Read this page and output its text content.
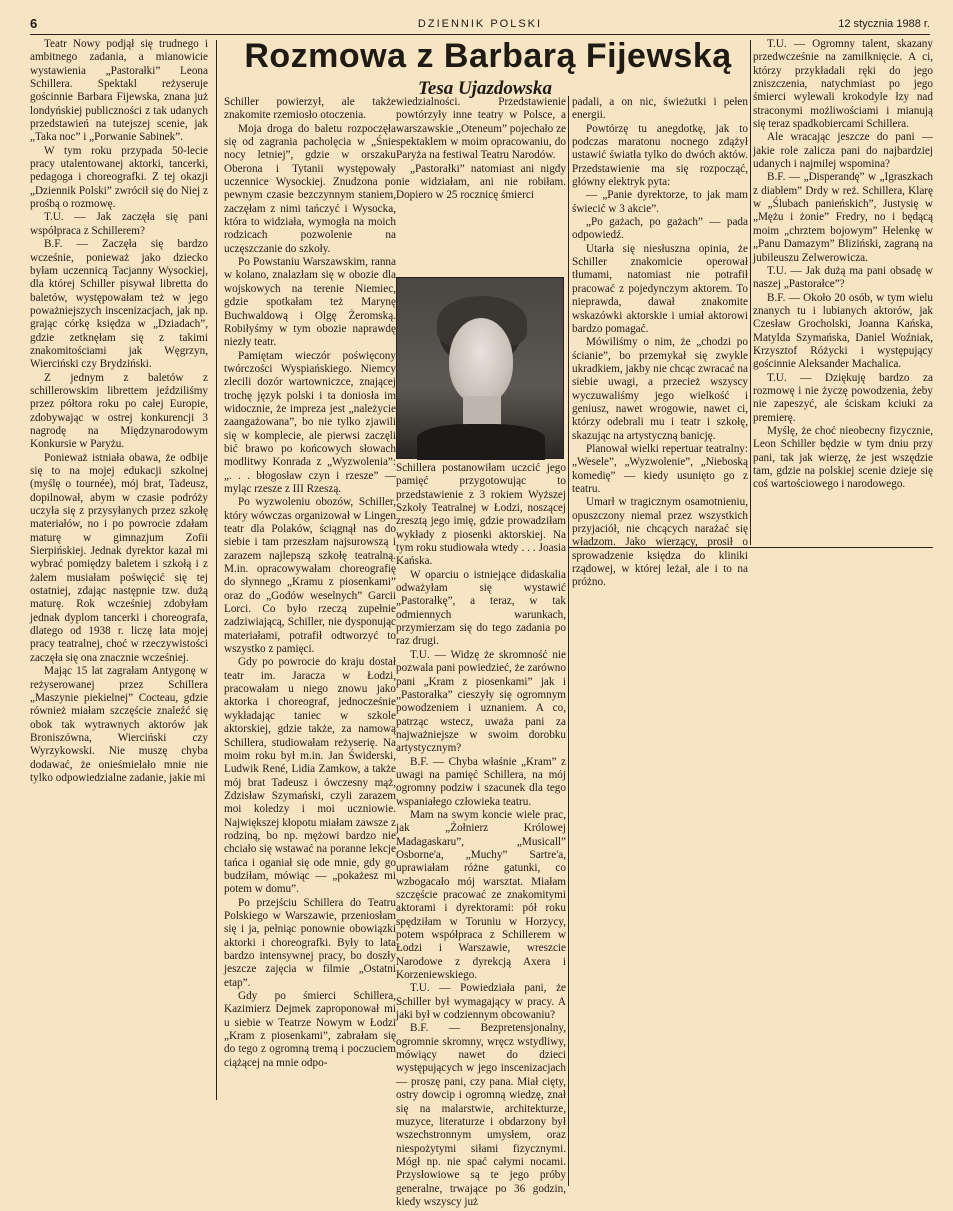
6	DZIENNIK POLSKI	12 stycznia 1988 r.
Rozmowa z Barbarą Fijewską
Tesa Ujazdowska

Teatr Nowy podjął się trudnego i ambitnego zadania, a mianowicie wystawienia „Pastorałki” Leona Schillera. Spektakl reżyseruje gościnnie Barbara Fijewska, znana już londyńskiej publiczności z tak udanych przedstawień na tutejszej scenie, jak „Taka noc” i „Porwanie Sabinek”.

W tym roku przypada 50-lecie pracy utalentowanej aktorki, tancerki, pedagoga i choreografki. Z tej okazji „Dziennik Polski” zwrócił się do Niej z prośbą o rozmowę.

T.U. — Jak zaczęła się pani współpraca z Schillerem?

B.F. — Zaczęła się bardzo wcześnie, ponieważ jako dziecko byłam uczennicą Tacjanny Wysockiej, dla której Schiller pisywał libretta do baletów, występowałam też w jego poważniejszych inscenizacjach, jak np. grając córkę księdza w „Dziadach”, gdzie zetknęłam się z takimi znakomitościami jak Węgrzyn, Wierciński czy Brydziński.

Z jednym z baletów z schillerowskim librettem jeździliśmy przez półtora roku po całej Europie, zdobywając w ostrej konkurencji 3 nagrodę na Międzynarodowym Konkursie w Paryżu.

Ponieważ istniała obawa, że odbije się to na mojej edukacji szkolnej (myślę o tournée), mój brat, Tadeusz, dopilnował, abym w czasie podróży uczyła się z przysyłanych przez szkołę materiałów, no i po powrocie zdałam maturę w gimnazjum Zofii Sierpińskiej. Jednak dyrektor kazał mi wybrać pomiędzy baletem i szkołą i z żalem musiałam poświęcić się tej ostatniej, zdając następnie tzw. dużą maturę. Rok wcześniej zdobyłam jednak dyplom tancerki i choreografa, dlatego od 1938 r. liczę lata mojej pracy teatralnej, choć w rzeczywistości zaczęła się ona znacznie wcześniej.

Mając 15 lat zagrałam Antygonę w reżyserowanej przez Schillera „Maszynie piekielnej” Cocteau, gdzie również miałam szczęście znaleźć się obok tak wytrawnych aktorów jak Broniszówna, Wierciński czy Wyrzykowski. Nie muszę chyba dodawać, że onieśmielało mnie nie tylko odpowiedzialne zadanie, jakie mi

Schiller powierzył, ale także znakomite rzemiosło otoczenia.

Moja droga do baletu rozpoczęła się od zagrania pacholęcia w „Śnie nocy letniej”, gdzie w orszaku Oberona i Tytanii występowały uczennice Wysockiej. Znudzona po pewnym czasie bezczynnym staniem, zaczęłam z nimi tańczyć i Wysocka, która to widziała, wymogła na moich rodzicach pozwolenie na uczęszczanie do szkoły.

Po Powstaniu Warszawskim, ranna w kolano, znalazłam się w obozie dla wojskowych na terenie Niemiec, gdzie spotkałam też Marynę Buchwaldową i Olgę Żeromską. Robiłyśmy w tym obozie naprawdę niezły teatr.

Pamiętam wieczór poświęcony twórczości Wyspiańskiego. Niemcy zlecili dozór wartowniczce, znającej trochę język polski i ta doniosła im widocznie, że impreza jest „należycie zaangażowana”, bo nie tylko zjawili się w komplecie, ale pierwsi zaczęli bić brawo po końcowych słowach modlitwy Konrada z „Wyzwolenia”: „. . . błogosław czyn i rzesze” — myląc rzesze z III Rzeszą.

Po wyzwoleniu obozów, Schiller, który wówczas organizował w Lingen teatr dla Polaków, ściągnął nas do siebie i tam przeszłam najsurowszą i zarazem najlepszą szkołę teatralną. M.in. opracowywałam choreografię do słynnego „Kramu z piosenkami” oraz do „Godów weselnych” Garcii Lorci. Co było rzeczą zupełnie zadziwiającą, Schiller, nie dysponując materiałami, potrafił odtworzyć to wszystko z pamięci.

Gdy po powrocie do kraju dostał teatr im. Jaracza w Łodzi, pracowałam u niego znowu jako aktorka i choreograf, jednocześnie wykładając taniec w szkole aktorskiej, gdzie także, za namową Schillera, studiowałam reżyserię. Na moim roku był m.in. Jan Świderski, Ludwik René, Lidia Zamkow, a także mój brat Tadeusz i ówczesny mąż, Zdzisław Szymański, czyli zarazem moi koledzy i moi uczniowie. Największej kłopotu miałam zawsze z rodziną, bo np. mężowi bardzo nie chciało się wstawać na poranne lekcje tańca i oganiał się ode mnie, gdy go budziłam, mówiąc — „pokażesz mi potem w domu”.

Po przejściu Schillera do Teatru Polskiego w Warszawie, przeniosłam się i ja, pełniąc ponownie obowiązki aktorki i choreografki. Były to lata bardzo intensywnej pracy, bo doszły jeszcze zajęcia w filmie „Ostatni etap”.

Gdy po śmierci Schillera, Kazimierz Dejmek zaproponował mi u siebie w Teatrze Nowym w Łodzi „Kram z piosenkami”, zabrałam się do tego z ogromną tremą i poczuciem ciążącej na mnie odpo-

wiedzialności. Przedstawienie powtórzyły inne teatry w Polsce, a warszawskie „Oteneum” pojechało ze spektaklem w moim opracowaniu, do Paryża na festiwal Teatru Narodów.

„Pastorałki” natomiast ani nigdy nie widziałam, ani nie robiłam. Dopiero w 25 rocznicę śmierci

Schillera postanowiłam uczcić jego pamięć przygotowując to przedstawienie z 3 rokiem Wyższej Szkoły Teatralnej w Łodzi, noszącej zresztą jego imię, gdzie prowadziłam wykłady z piosenki aktorskiej. Na tym roku studiowała wtedy . . . Joasia Kańska.

W oparciu o istniejące didaskalia odważyłam się wystawić „Pastorałkę”, a teraz, w tak odmiennych warunkach, przymierzam się do tego zadania po raz drugi.

T.U. — Widzę że skromność nie pozwala pani powiedzieć, że zarówno pani „Kram z piosenkami” jak i „Pastorałka” cieszyły się ogromnym powodzeniem i uznaniem. A co, patrząc wstecz, uważa pani za najważniejsze w swoim dorobku artystycznym?

B.F. — Chyba właśnie „Kram” z uwagi na pamięć Schillera, na mój ogromny podziw i szacunek dla tego wspaniałego człowieka teatru.

Mam na swym koncie wiele prac, jak „Żołnierz Królowej Madagaskaru”, „Musicall” Osborne'a, „Muchy” Sartre'a, uprawiałam różne gatunki, co wzbogacało mój warsztat. Miałam szczęście pracować ze znakomitymi aktorami i dyrektorami: pół roku spędziłam w Toruniu w Horzycy, potem współpraca z Schillerem w Łodzi i Warszawie, wreszcie Narodowe z dyrekcją Axera i Korzeniewskiego.

T.U. — Powiedziała pani, że Schiller był wymagający w pracy. A jaki był w codziennym obcowaniu?

B.F. — Bezpretensjonalny, ogromnie skromny, wręcz wstydliwy, mówiący nawet do dzieci występujących w jego inscenizacjach — proszę pani, czy pana. Miał cięty, ostry dowcip i ogromną wiedzę, znał się na malarstwie, architekturze, muzyce, literaturze i obdarzony był wszechstronnym umysłem, oraz niespożytymi siłami fizycznymi. Mógł np. nie spać całymi nocami. Przysłowiowe są te jego próby generalne, trwające po 36 godzin, kiedy wszyscy już

padali, a on nic, świeżutki i pełen energii.

Powtórzę tu anegdotkę, jak to podczas maratonu nocnego zdążył ustawić światła tylko do dwóch aktów. Przedstawienie ma się rozpocząć, główny elektryk pyta:

— „Panie dyrektorze, to jak mam świecić w 3 akcie”.

„Po gażach, po gażach” — pada odpowiedź.

Utarła się niesłuszna opinia, że Schiller znakomicie operował tłumami, natomiast nie potrafił pracować z pojedynczym aktorem. To nieprawda, dawał znakomite wskazówki aktorskie i umiał aktorowi bardzo pomagać.

Mówiliśmy o nim, że „chodzi po ścianie”, bo przemykał się zwykle ukradkiem, jakby nie chcąc zwracać na siebie uwagi, a przecież wszyscy wyczuwaliśmy jego wielkość i geniusz, nawet wrogowie, nawet ci, którzy odebrali mu i teatr i szkołę, skazując na artystyczną banicję.

Planował wielki repertuar teatralny: „Wesele”, „Wyzwolenie”, „Nieboską komedię” — kiedy usunięto go z teatru.

Umarł w tragicznym osamotnieniu, opuszczony niemal przez wszystkich przyjaciół, nie chcących narażać się władzom. Jako wierzący, prosił o sprowadzenie księdza do kliniki rządowej, w której leżał, ale i to na próżno.

T.U. — Ogromny talent, skazany przedwcześnie na zamilknięcie. A ci, którzy przykładali ręki do jego zniszczenia, natychmiast po jego śmierci wylewali krokodyle łzy nad straconymi możliwościami i mianują się teraz spadkobiercami Schillera.

Ale wracając jeszcze do pani — jakie role zalicza pani do najbardziej udanych i najmilej wspomina?

B.F. — „Disperandę” w „Igraszkach z diabłem” Drdy w reż. Schillera, Klarę w „Ślubach panieńskich”, Justysię w „Mężu i żonie” Fredry, no i będącą moim „chrztem bojowym” Helenkę w „Panu Damazym” Bliziński, zagraną na jubileuszu Zelwerowicza.

T.U. — Jak dużą ma pani obsadę w naszej „Pastorałce”?

B.F. — Około 20 osób, w tym wielu znanych tu i lubianych aktorów, jak Czesław Grocholski, Joanna Kańska, Matylda Szymańska, Daniel Woźniak, Krzysztof Różycki i występujący gościnnie Aleksander Machalica.

T.U. — Dziękuję bardzo za rozmowę i nie życzę powodzenia, żeby nie zapeszyć, ale ściskam kciuki za premierę.

Myślę, że choć nieobecny fizycznie, Leon Schiller będzie w tym dniu przy pani, tak jak wierzę, że jest wszędzie tam, gdzie na polskiej scenie dzieje się coś wartościowego i narodowego.
